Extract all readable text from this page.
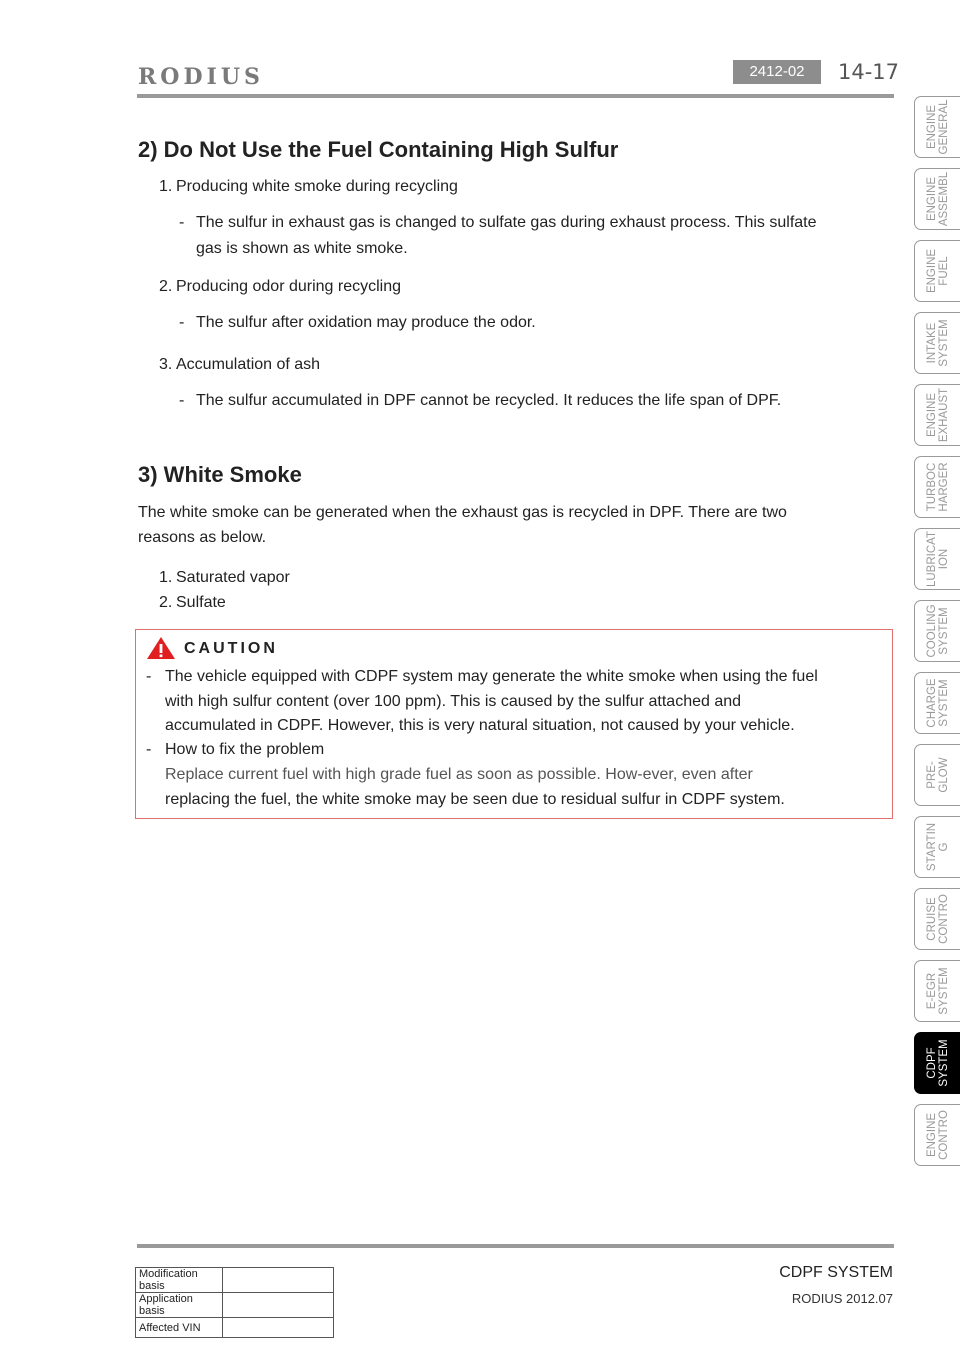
RODIUS	2412-02	14-17
2) Do Not Use the Fuel Containing High Sulfur
1. Producing white smoke during recycling
- The sulfur in exhaust gas is changed to sulfate gas during exhaust process. This sulfate
gas is shown as white smoke.
2. Producing odor during recycling
- The sulfur after oxidation may produce the odor.
3. Accumulation of ash
- The sulfur accumulated in DPF cannot be recycled. It reduces the life span of DPF.
3) White Smoke
The white smoke can be generated when the exhaust gas is recycled in DPF. There are two
reasons as below.
1. Saturated vapor
2. Sulfate
CAUTION
- The vehicle equipped with CDPF system may generate the white smoke when using the fuel
with high sulfur content (over 100 ppm). This is caused by the sulfur attached and
accumulated in CDPF. However, this is very natural situation, not caused by your vehicle.
- How to fix the problem
Replace current fuel with high grade fuel as soon as possible. How-ever, even after
replacing the fuel, the white smoke may be seen due to residual sulfur in CDPF system.
CDPF SYSTEM
RODIUS 2012.07
Modification basis	
Application basis	
Affected VIN	
ENGINE
GENERAL
ENGINE
ASSEMBL
ENGINE
FUEL
INTAKE
SYSTEM
ENGINE
EXHAUST
TURBOC
HARGER
LUBRICAT
ION
COOLING
SYSTEM
CHARGE
SYSTEM
PRE-
GLOW
STARTIN
G
CRUISE
CONTRO
E-EGR
SYSTEM
CDPF
SYSTEM
ENGINE
CONTRO
